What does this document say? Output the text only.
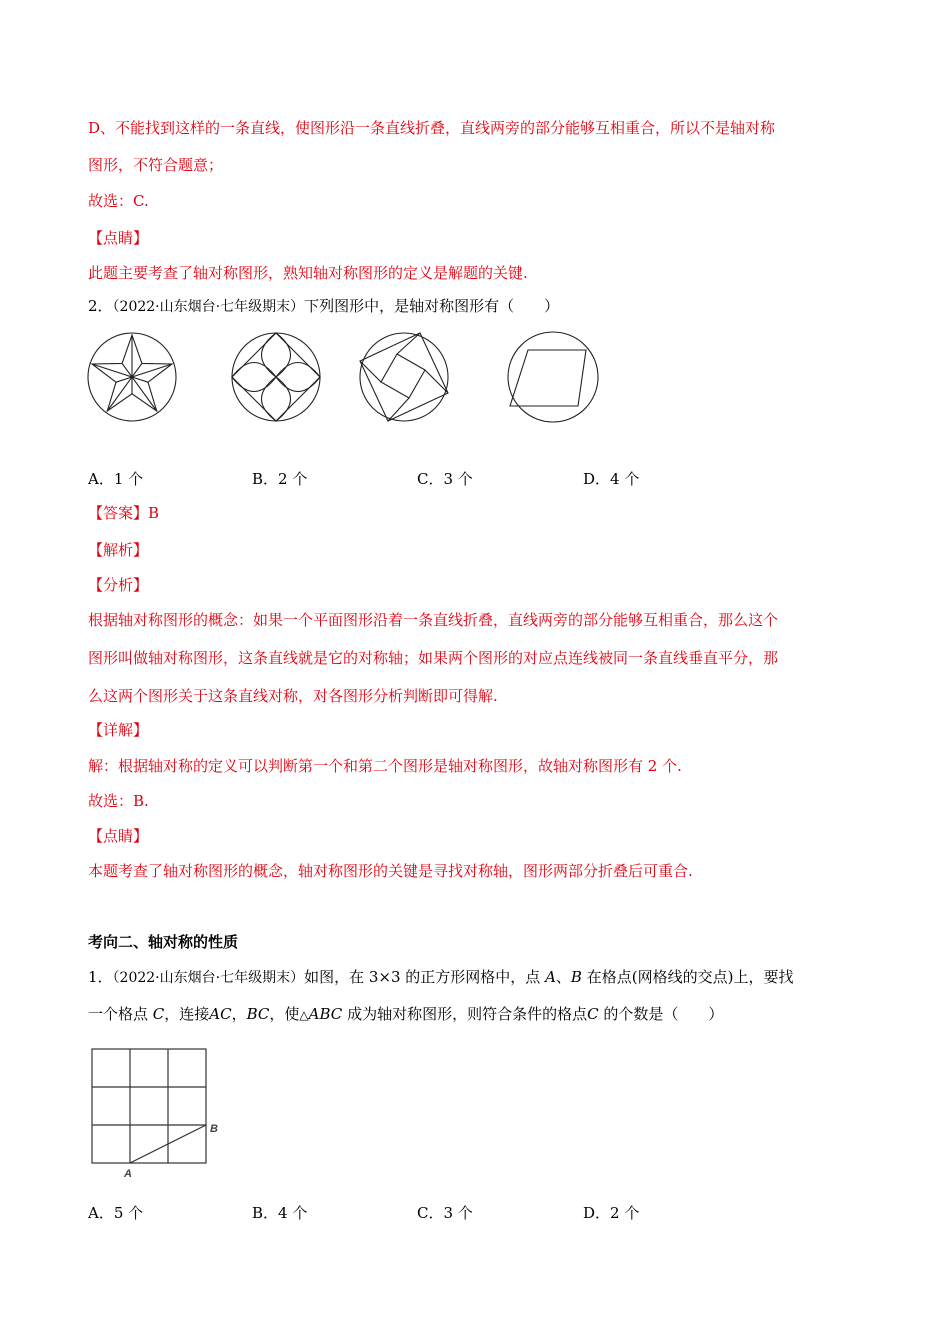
D、不能找到这样的一条直线，使图形沿一条直线折叠，直线两旁的部分能够互相重合，所以不是轴对称
图形，不符合题意；
故选：C.
【点睛】
此题主要考查了轴对称图形，熟知轴对称图形的定义是解题的关键.
2．（2022·山东烟台·七年级期末）下列图形中，是轴对称图形有（　　）
A．1 个	B．2 个	C．3 个	D．4 个
【答案】B
【解析】
【分析】
根据轴对称图形的概念：如果一个平面图形沿着一条直线折叠，直线两旁的部分能够互相重合，那么这个
图形叫做轴对称图形，这条直线就是它的对称轴；如果两个图形的对应点连线被同一条直线垂直平分，那
么这两个图形关于这条直线对称，对各图形分析判断即可得解.
【详解】
解：根据轴对称的定义可以判断第一个和第二个图形是轴对称图形，故轴对称图形有 2 个.
故选：B.
【点睛】
本题考查了轴对称图形的概念，轴对称图形的关键是寻找对称轴，图形两部分折叠后可重合.
考向二、轴对称的性质
1．（2022·山东烟台·七年级期末）如图，在 3×3 的正方形网格中，点 A、B 在格点(网格线的交点)上，要找
一个格点 C，连接AC，BC，使△ABC 成为轴对称图形，则符合条件的格点C 的个数是（　　）
B
A
A．5 个	B．4 个	C．3 个	D．2 个
